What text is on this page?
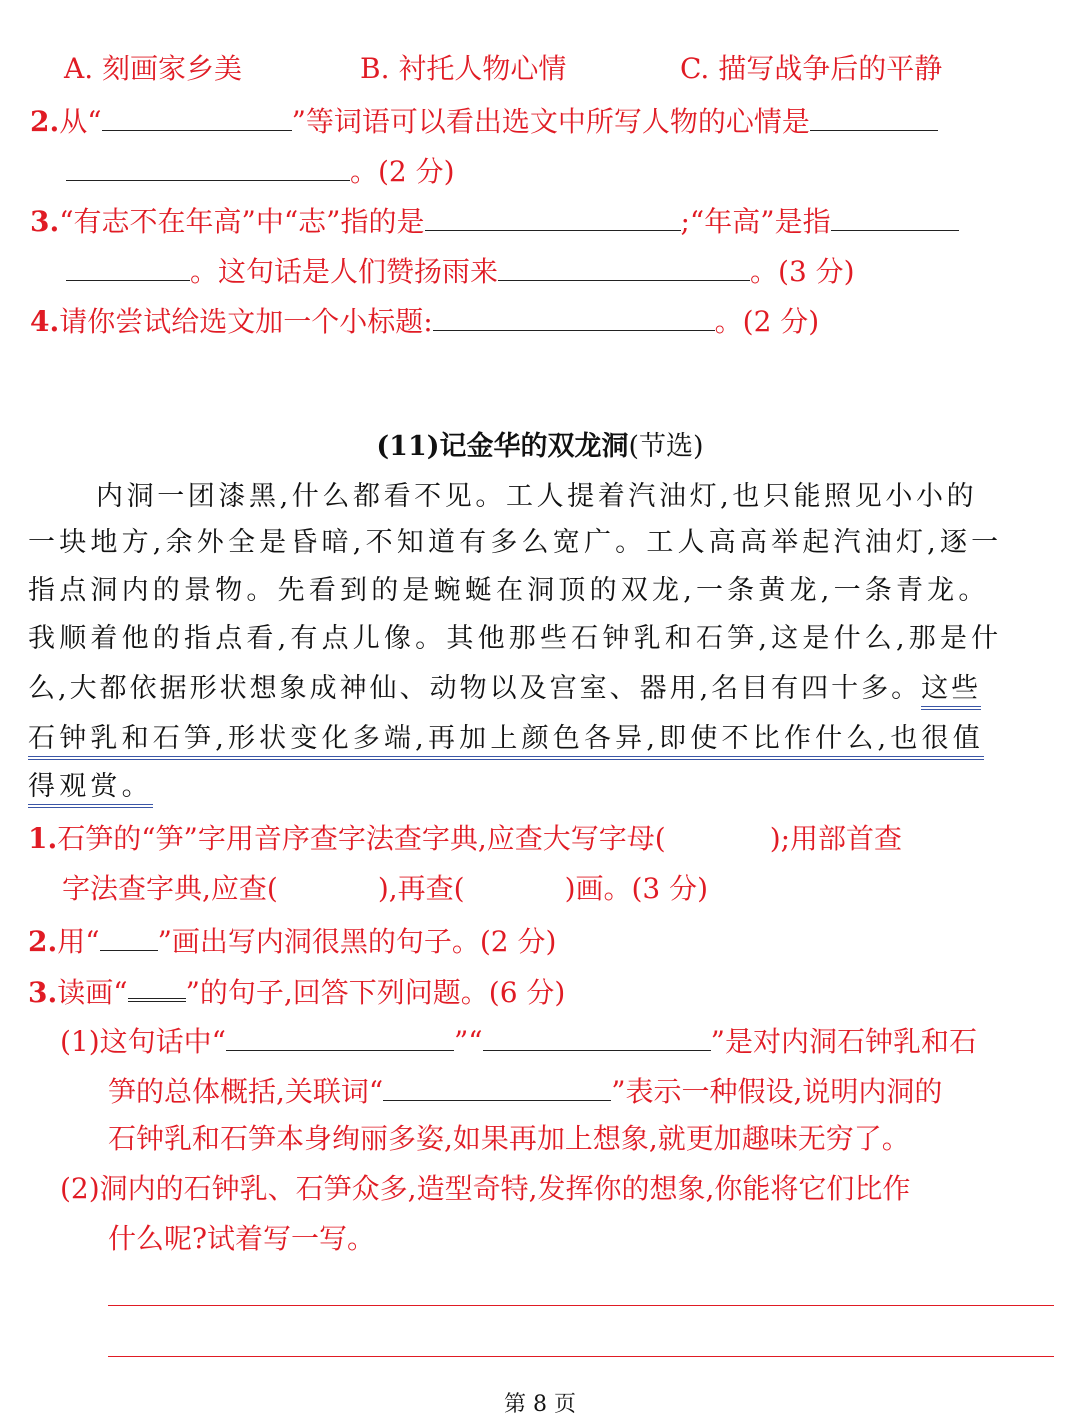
A. 刻画家乡美	B. 衬托人物心情	C. 描写战争后的平静
2.从“	”等词语可以看出选文中所写人物的心情是
。(2 分)
3.“有志不在年高”中“志”指的是	;“年高”是指
。这句话是人们赞扬雨来	。(3 分)
4.请你尝试给选文加一个小标题:	。(2 分)
(11)记金华的双龙洞(节选)
内洞一团漆黑,什么都看不见。工人提着汽油灯,也只能照见小小的
一块地方,余外全是昏暗,不知道有多么宽广。工人高高举起汽油灯,逐一
指点洞内的景物。先看到的是蜿蜒在洞顶的双龙,一条黄龙,一条青龙。
我顺着他的指点看,有点儿像。其他那些石钟乳和石笋,这是什么,那是什
么,大都依据形状想象成神仙、动物以及宫室、器用,名目有四十多。这些
石钟乳和石笋,形状变化多端,再加上颜色各异,即使不比作什么,也很值
得观赏。
1.石笋的“笋”字用音序查字法查字典,应查大写字母(	);用部首查
字法查字典,应查(	),再查(	)画。(3 分)
2.用“ ”画出写内洞很黑的句子。(2 分)
3.读画“ ”的句子,回答下列问题。(6 分)
(1)这句话中“	”“	”是对内洞石钟乳和石
笋的总体概括,关联词“	”表示一种假设,说明内洞的
石钟乳和石笋本身绚丽多姿,如果再加上想象,就更加趣味无穷了。
(2)洞内的石钟乳、石笋众多,造型奇特,发挥你的想象,你能将它们比作
什么呢?试着写一写。
第 8 页
